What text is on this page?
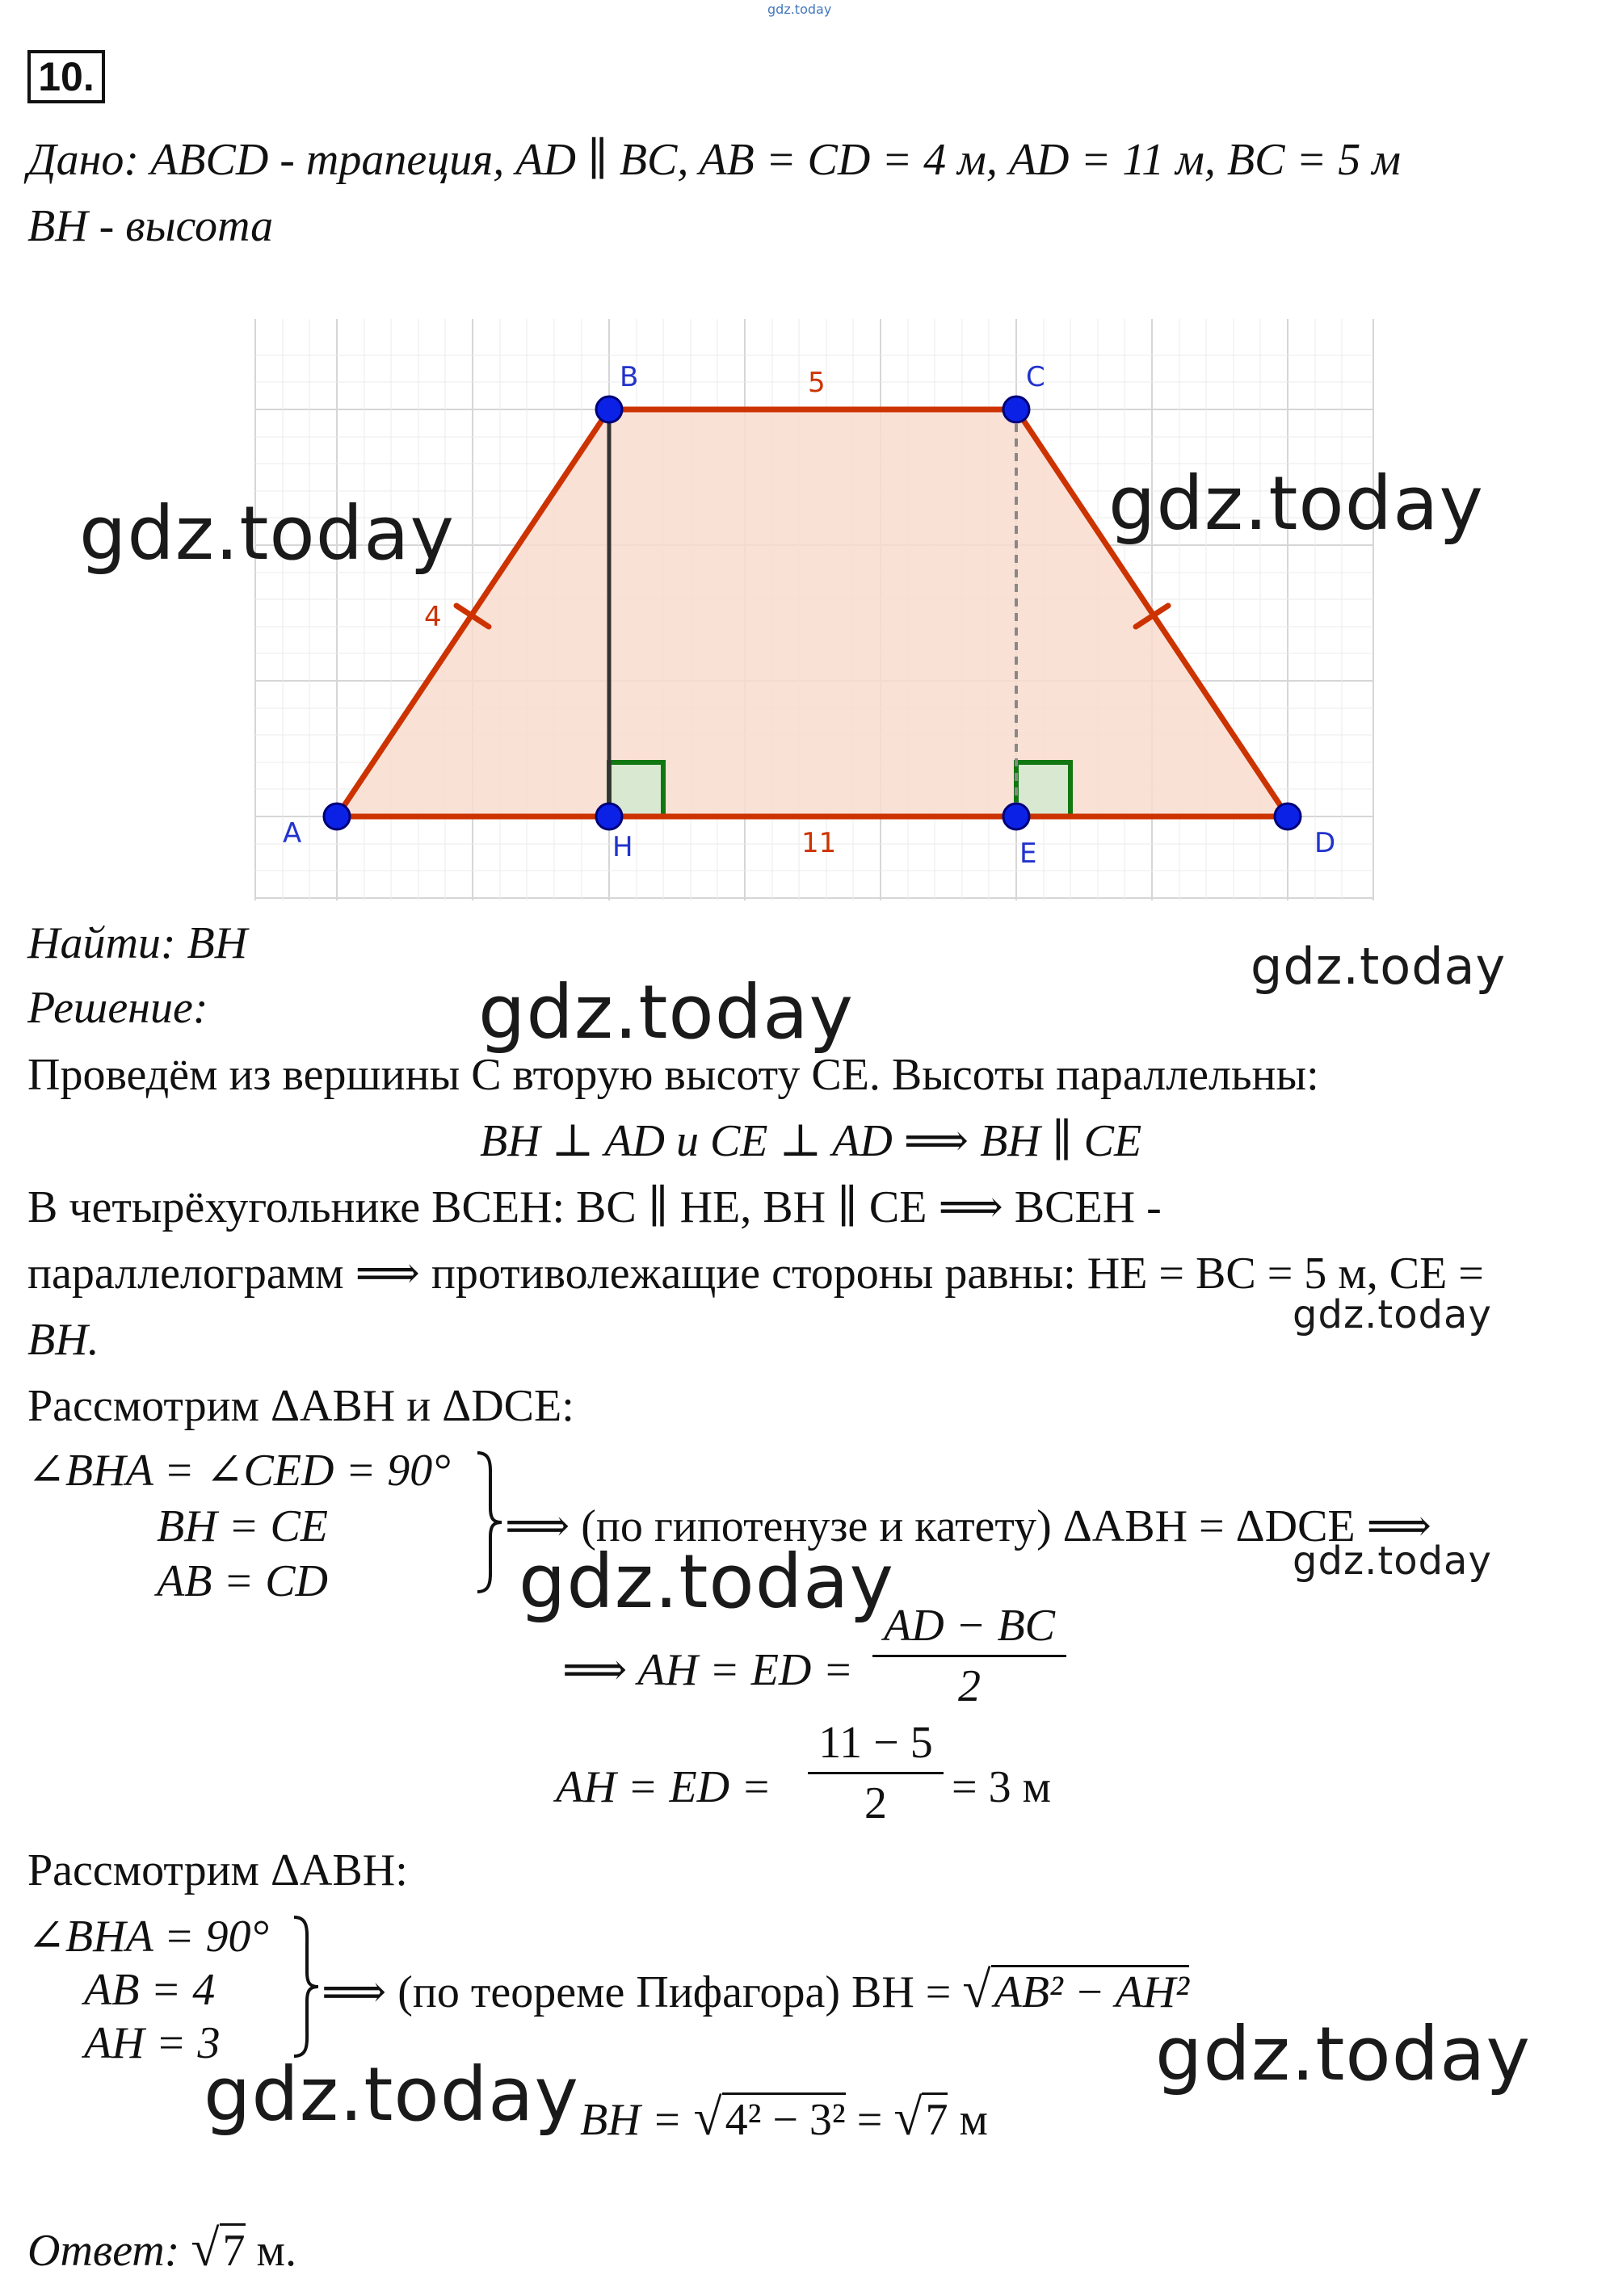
gdz.today
10.
Дано: ABCD - трапеция, AD ∥ BC, AB = CD = 4 м, AD = 11 м, BC = 5 м
BH - высота
A
B	C
D
H	E
5
4
11
Найти: BH
Решение:
Проведём из вершины C вторую высоту CE. Высоты параллельны:
BH ⊥ AD и CE ⊥ AD ⟹ BH ∥ CE
В четырёхугольнике BCEH: BC ∥ HE, BH ∥ CE ⟹ BCEH -
параллелограмм ⟹ противолежащие стороны равны: HE = BC = 5 м, CE =
BH.
Рассмотрим ΔABH и ΔDCE:
∠BHA = ∠CED = 90°
BH = CE
AB = CD
⟹ (по гипотенузе и катету) ΔABH = ΔDCE ⟹
⟹ AH = ED = $\frac{AD - BC}{2}$
AH = ED = $\frac{11 - 5}{2} = 3$ м
Рассмотрим ΔABH:
∠BHA = 90°
AB = 4
AH = 3
⟹ (по теореме Пифагора) BH = √AB² − AH²
BH = √4² − 3² = √7 м
Ответ: √7 м.
gdz.today	gdz.today
gdz.today
gdz.today
gdz.today
gdz.today	gdz.today
gdz.today
gdz.today
